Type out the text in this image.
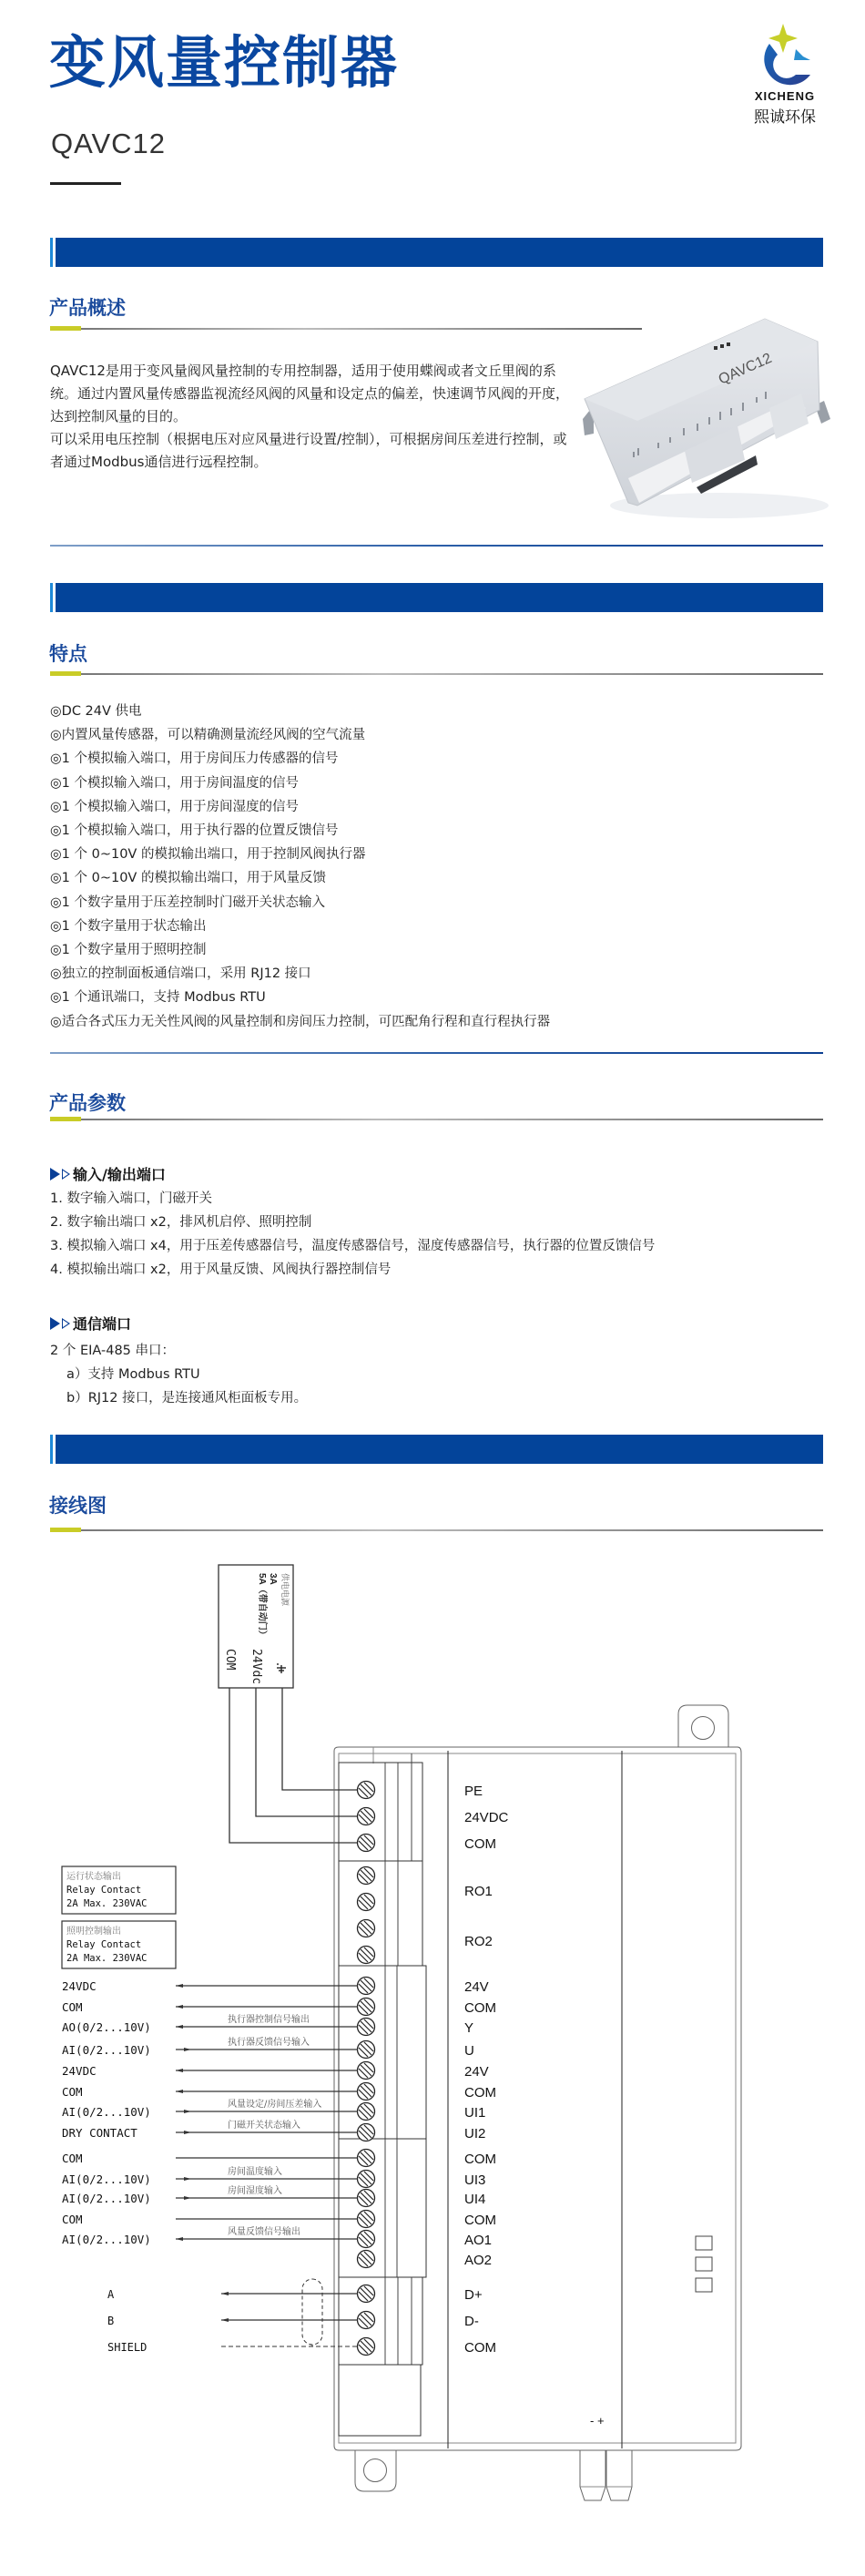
变风量控制器
QAVC12
XICHENG
熙诚环保
产品概述
QAVC12是用于变风量阀风量控制的专用控制器，适用于使用蝶阀或者文丘里阀的系统。通过内置风量传感器监视流经风阀的风量和设定点的偏差，快速调节风阀的开度，达到控制风量的目的。
可以采用电压控制（根据电压对应风量进行设置/控制），可根据房间压差进行控制，或者通过Modbus通信进行远程控制。
QAVC12
特点
◎DC 24V 供电
◎内置风量传感器，可以精确测量流经风阀的空气流量
◎1 个模拟输入端口，用于房间压力传感器的信号
◎1 个模拟输入端口，用于房间温度的信号
◎1 个模拟输入端口，用于房间湿度的信号
◎1 个模拟输入端口，用于执行器的位置反馈信号
◎1 个 0~10V 的模拟输出端口，用于控制风阀执行器
◎1 个 0~10V 的模拟输出端口，用于风量反馈
◎1 个数字量用于压差控制时门磁开关状态输入
◎1 个数字量用于状态输出
◎1 个数字量用于照明控制
◎独立的控制面板通信端口，采用 RJ12 接口
◎1 个通讯端口，支持 Modbus RTU
◎适合各式压力无关性风阀的风量控制和房间压力控制，可匹配角行程和直行程执行器
产品参数
输入/输出端口
1. 数字输入端口，门磁开关
2. 数字输出端口 x2，排风机启停、照明控制
3. 模拟输入端口 x4，用于压差传感器信号，温度传感器信号，湿度传感器信号，执行器的位置反馈信号
4. 模拟输出端口 x2，用于风量反馈、风阀执行器控制信号
通信端口
2 个 EIA-485 串口：
a）支持 Modbus RTU
b）RJ12 接口，是连接通风柜面板专用。
接线图
供电电源
3A
5A（带自动门）
COM 24Vdc
- +
运行状态输出
Relay Contact
2A Max. 230VAC
照明控制输出
Relay Contact
2A Max. 230VAC
PE
24VDC
COM
RO1
RO2
24V
COM
Y
U
24V
COM
UI1
UI2
COM
UI3
UI4
COM
AO1
AO2
D+
D-
COM
24VDC
COM
AO(0/2...10V)
执行器控制信号输出
AI(0/2...10V)
执行器反馈信号输入
24VDC
COM
AI(0/2...10V)
风量设定/房间压差输入
DRY CONTACT
门磁开关状态输入
COM
AI(0/2...10V)
房间温度输入
AI(0/2...10V)
房间湿度输入
COM
AI(0/2...10V)
风量反馈信号输出
A
B
SHIELD
